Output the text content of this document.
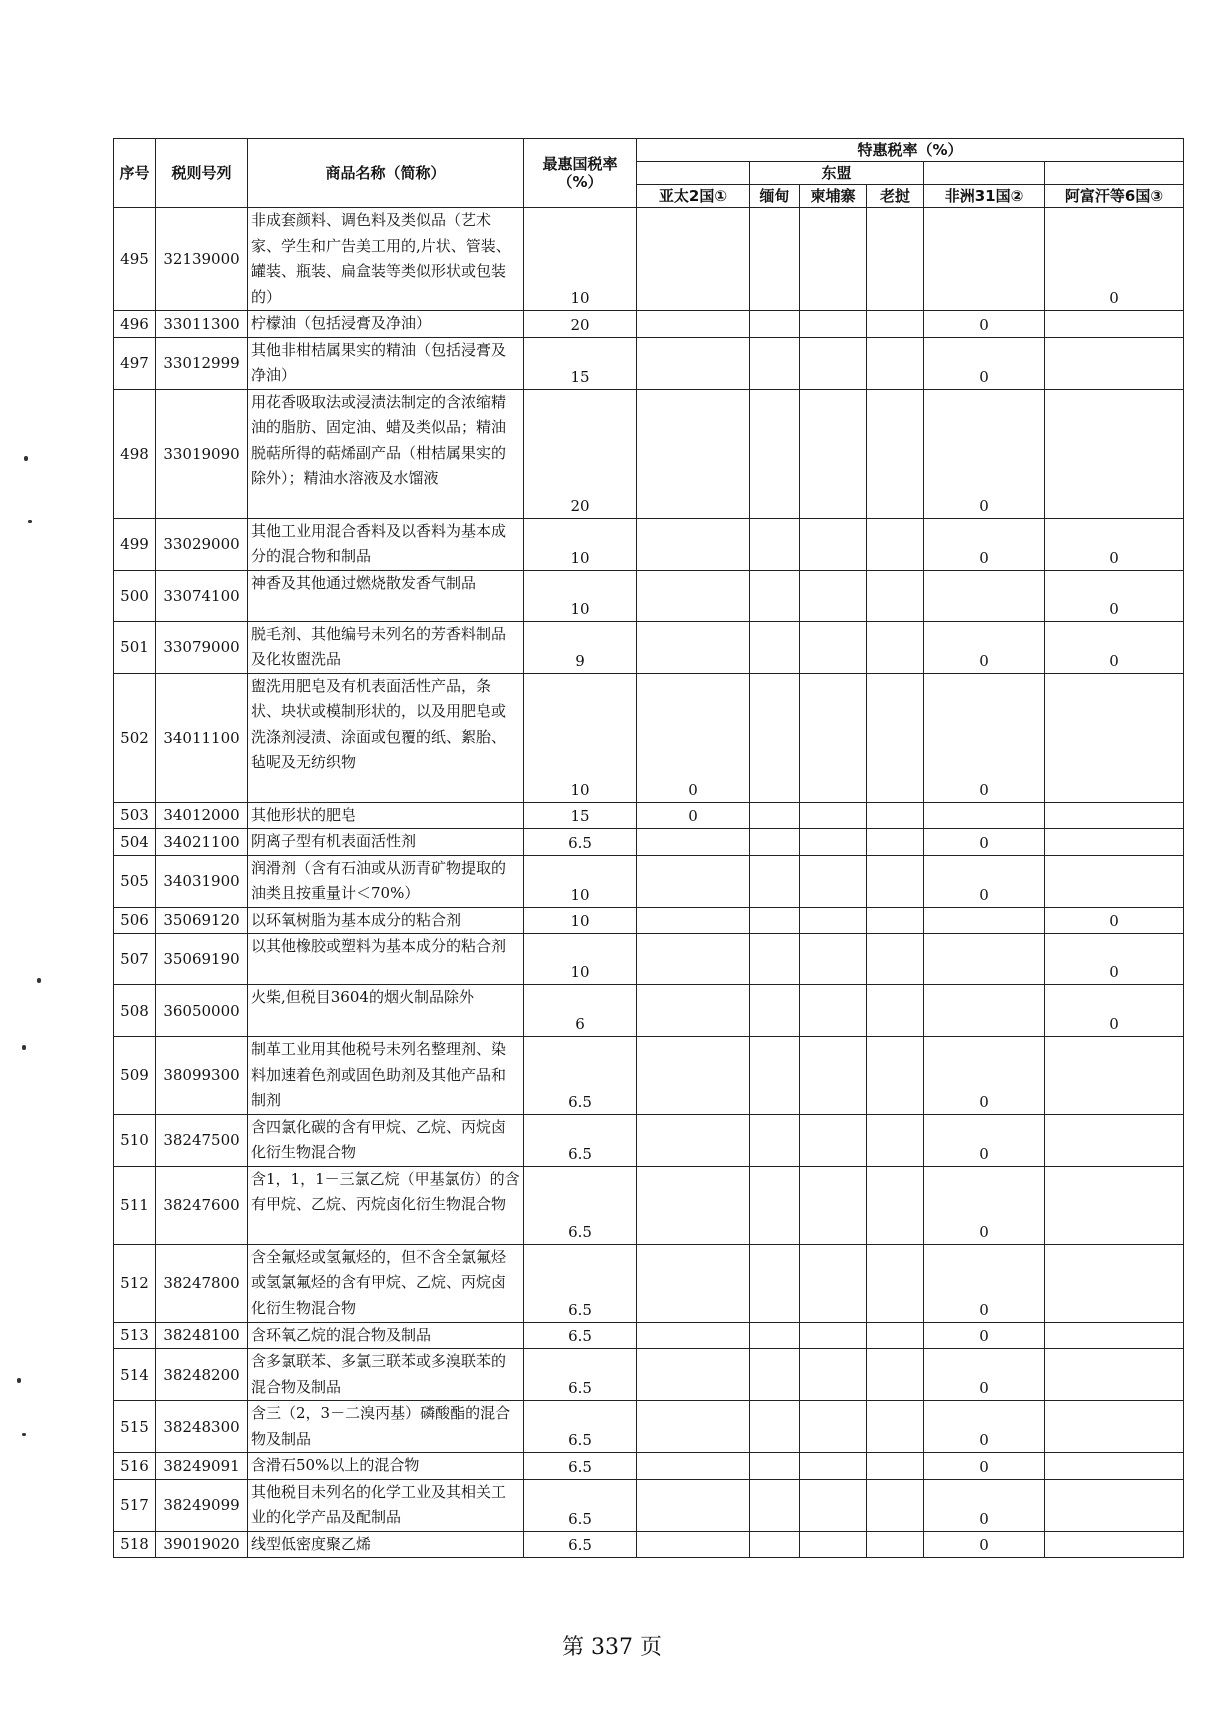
序号	税则号列	商品名称（简称）	最惠国税率
（%）	特惠税率（%）					
					东盟				
				亚太2国①	缅甸	柬埔寨	老挝	非洲31国②	阿富汗等6国③
495	32139000	非成套颜料、调色料及类似品（艺术家、学生和广告美工用的,片状、管装、罐装、瓶装、扁盒装等类似形状或包装的）	10						0
496	33011300	柠檬油（包括浸膏及净油）	20					0	
497	33012999	其他非柑桔属果实的精油（包括浸膏及净油）	15					0	
498	33019090	用花香吸取法或浸渍法制定的含浓缩精油的脂肪、固定油、蜡及类似品；精油脱萜所得的萜烯副产品（柑桔属果实的除外）；精油水溶液及水馏液	20					0	
499	33029000	其他工业用混合香料及以香料为基本成分的混合物和制品	10					0	0
500	33074100	神香及其他通过燃烧散发香气制品	10						0
501	33079000	脱毛剂、其他编号未列名的芳香料制品及化妆盥洗品	9					0	0
502	34011100	盥洗用肥皂及有机表面活性产品，条状、块状或模制形状的，以及用肥皂或洗涤剂浸渍、涂面或包覆的纸、絮胎、毡呢及无纺织物	10	0				0	
503	34012000	其他形状的肥皂	15	0					
504	34021100	阴离子型有机表面活性剂	6.5					0	
505	34031900	润滑剂（含有石油或从沥青矿物提取的油类且按重量计＜70%）	10					0	
506	35069120	以环氧树脂为基本成分的粘合剂	10						0
507	35069190	以其他橡胶或塑料为基本成分的粘合剂	10						0
508	36050000	火柴,但税目3604的烟火制品除外	6						0
509	38099300	制革工业用其他税号未列名整理剂、染料加速着色剂或固色助剂及其他产品和制剂	6.5					0	
510	38247500	含四氯化碳的含有甲烷、乙烷、丙烷卤化衍生物混合物	6.5					0	
511	38247600	含1，1，1－三氯乙烷（甲基氯仿）的含有甲烷、乙烷、丙烷卤化衍生物混合物	6.5					0	
512	38247800	含全氟烃或氢氟烃的，但不含全氯氟烃或氢氯氟烃的含有甲烷、乙烷、丙烷卤化衍生物混合物	6.5					0	
513	38248100	含环氧乙烷的混合物及制品	6.5					0	
514	38248200	含多氯联苯、多氯三联苯或多溴联苯的混合物及制品	6.5					0	
515	38248300	含三（2，3－二溴丙基）磷酸酯的混合物及制品	6.5					0	
516	38249091	含滑石50%以上的混合物	6.5					0	
517	38249099	其他税目未列名的化学工业及其相关工业的化学产品及配制品	6.5					0	
518	39019020	线型低密度聚乙烯	6.5					0	
第 337 页
